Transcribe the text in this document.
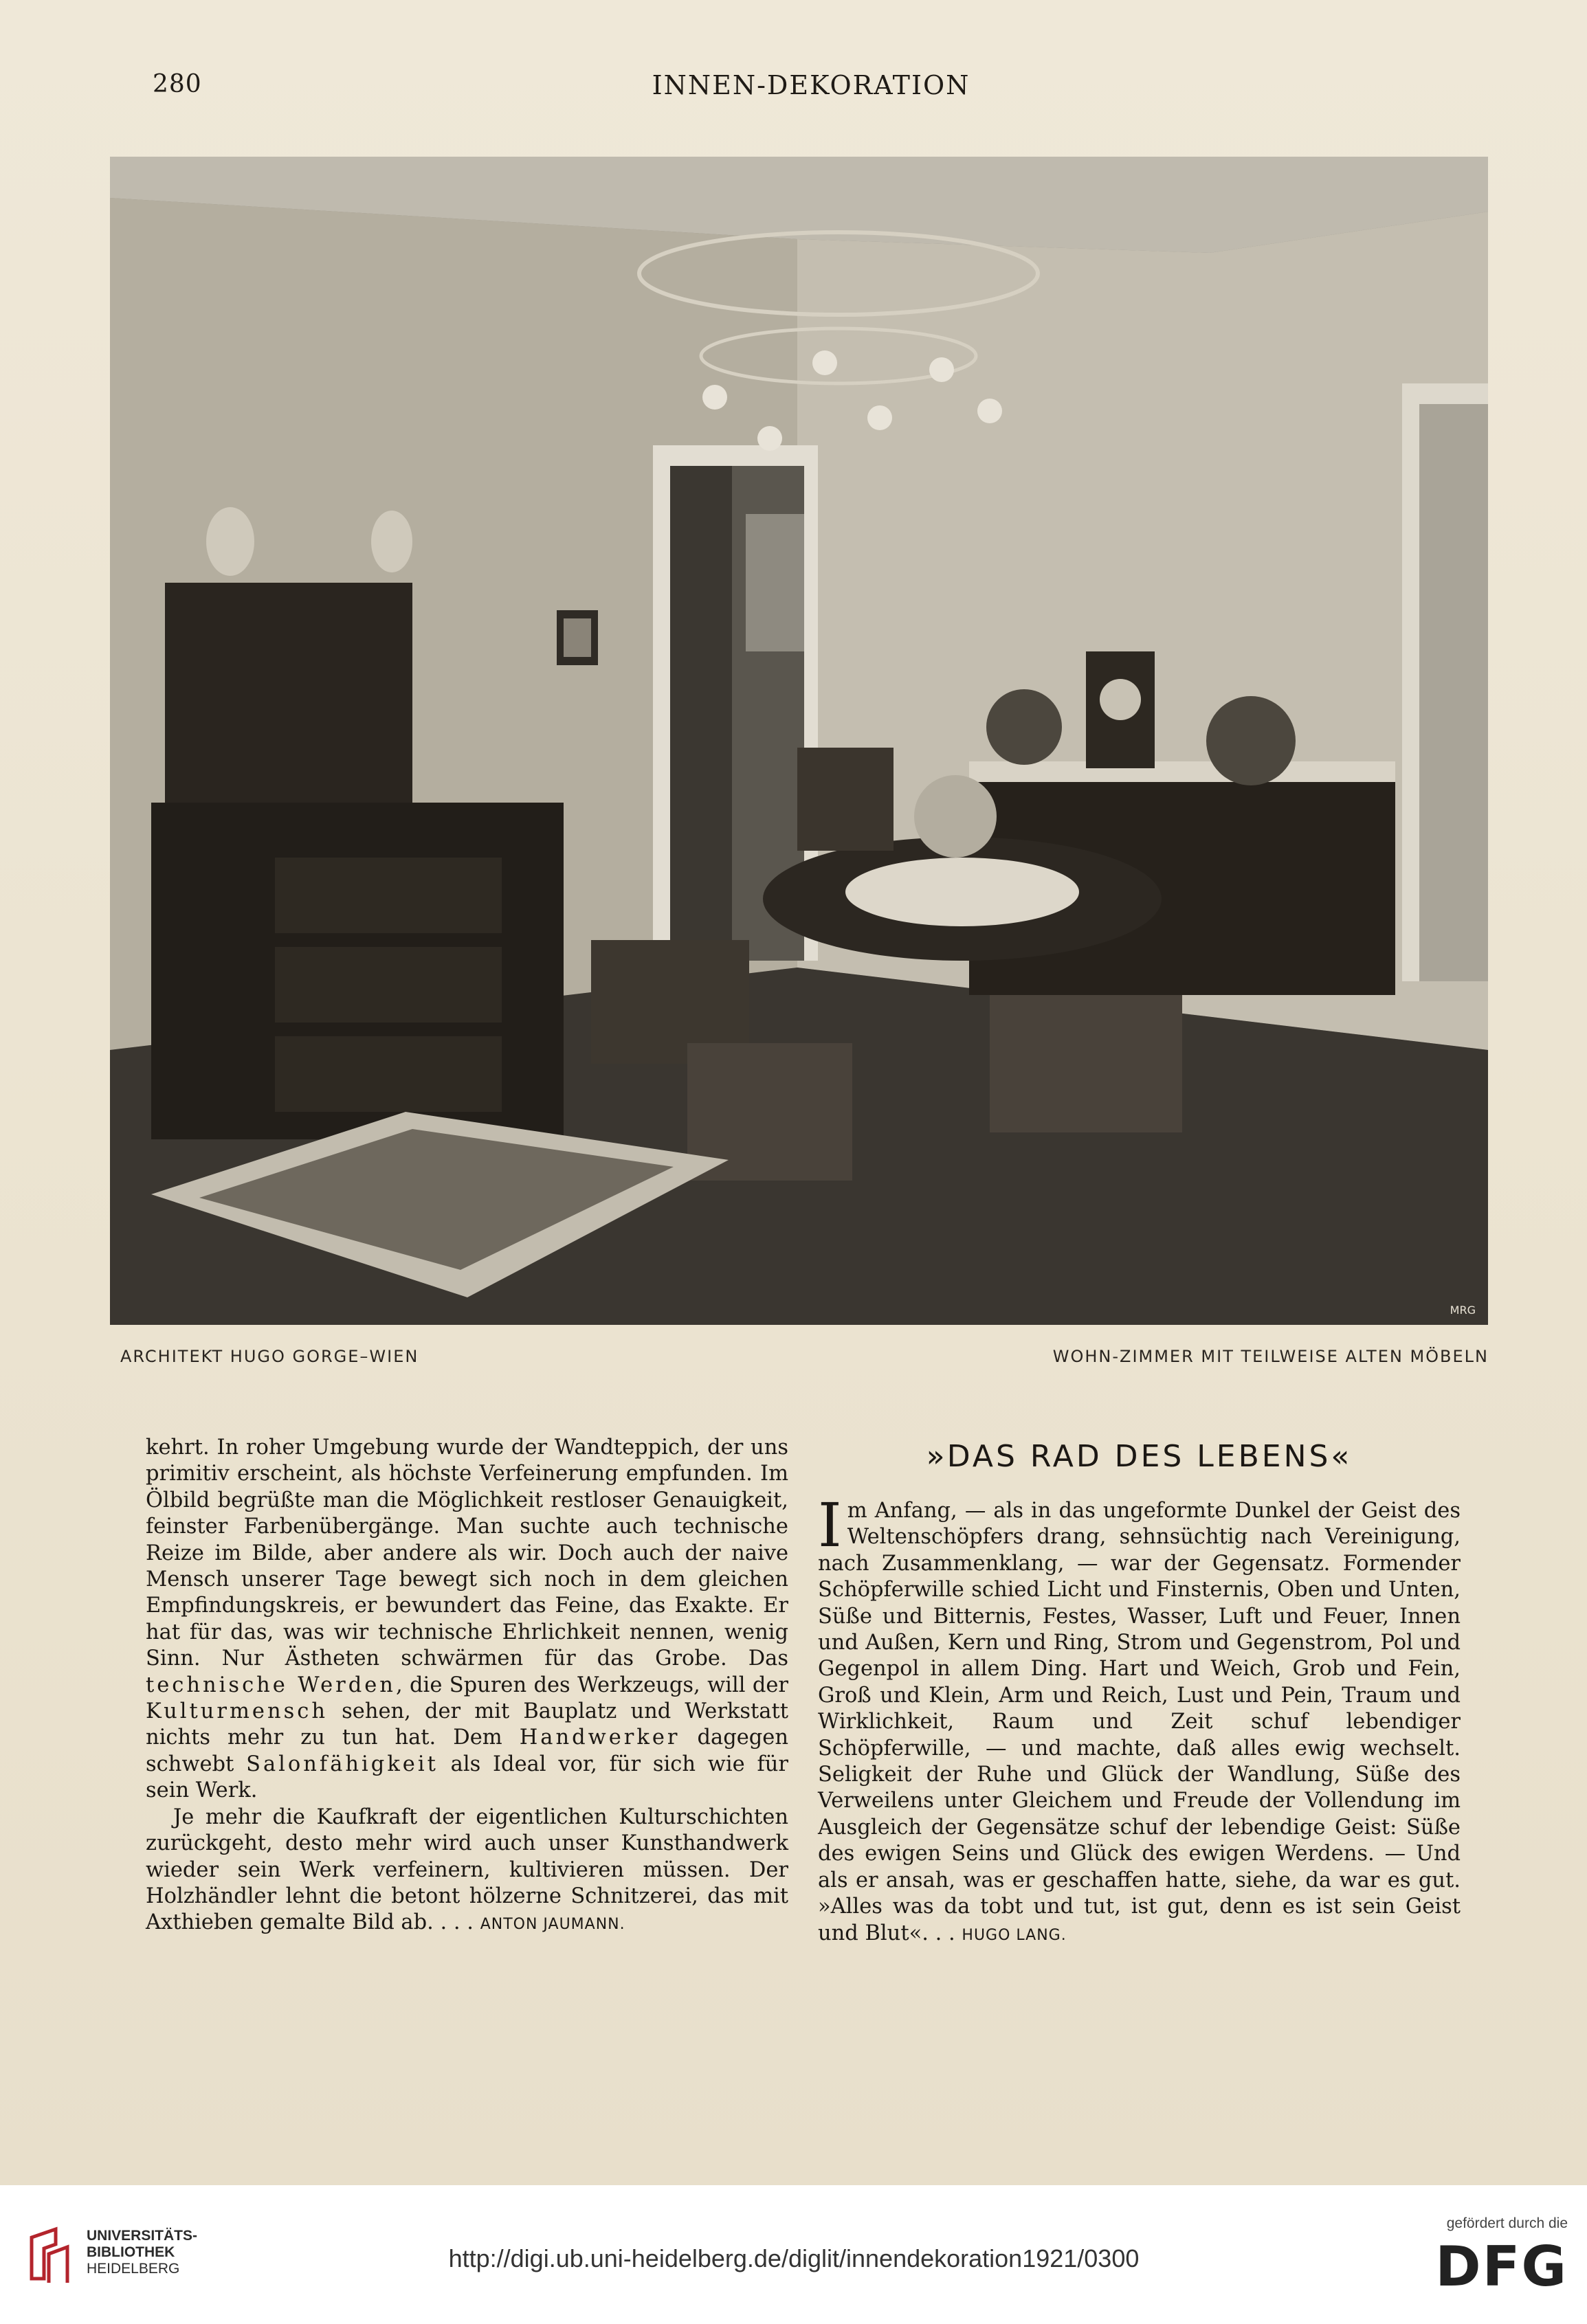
280	INNEN-DEKORATION
MRG
ARCHITEKT HUGO GORGE–WIEN	WOHN-ZIMMER MIT TEILWEISE ALTEN MÖBELN

kehrt. In roher Umgebung wurde der Wandteppich, der uns primitiv erscheint, als höchste Verfeinerung empfunden. Im Ölbild begrüßte man die Möglichkeit restloser Genauigkeit, feinster Farbenübergänge. Man suchte auch technische Reize im Bilde, aber andere als wir. Doch auch der naive Mensch unserer Tage bewegt sich noch in dem gleichen Empfindungskreis, er bewundert das Feine, das Exakte. Er hat für das, was wir technische Ehrlichkeit nennen, wenig Sinn. Nur Ästheten schwärmen für das Grobe. Das technische Werden, die Spuren des Werkzeugs, will der Kulturmensch sehen, der mit Bauplatz und Werkstatt nichts mehr zu tun hat. Dem Handwerker dagegen schwebt Salonfähigkeit als Ideal vor, für sich wie für sein Werk.

Je mehr die Kaufkraft der eigentlichen Kulturschichten zurückgeht, desto mehr wird auch unser Kunsthandwerk wieder sein Werk verfeinern, kultivieren müssen. Der Holzhändler lehnt die betont hölzerne Schnitzerei, das mit Axthieben gemalte Bild ab. . . . ANTON JAUMANN.

»DAS RAD DES LEBENS«

Im Anfang, — als in das ungeformte Dunkel der Geist des Weltenschöpfers drang, sehnsüchtig nach Vereinigung, nach Zusammenklang, — war der Gegensatz. Formender Schöpferwille schied Licht und Finsternis, Oben und Unten, Süße und Bitternis, Festes, Wasser, Luft und Feuer, Innen und Außen, Kern und Ring, Strom und Gegenstrom, Pol und Gegenpol in allem Ding. Hart und Weich, Grob und Fein, Groß und Klein, Arm und Reich, Lust und Pein, Traum und Wirklichkeit, Raum und Zeit schuf lebendiger Schöpferwille, — und machte, daß alles ewig wechselt. Seligkeit der Ruhe und Glück der Wandlung, Süße des Verweilens unter Gleichem und Freude der Vollendung im Ausgleich der Gegensätze schuf der lebendige Geist: Süße des ewigen Seins und Glück des ewigen Werdens. — Und als er ansah, was er geschaffen hatte, siehe, da war es gut. »Alles was da tobt und tut, ist gut, denn es ist sein Geist und Blut«. . . HUGO LANG.

UNIVERSITÄTS-
BIBLIOTHEK
HEIDELBERG	http://digi.ub.uni-heidelberg.de/diglit/innendekoration1921/0300
gefördert durch die
DFG
